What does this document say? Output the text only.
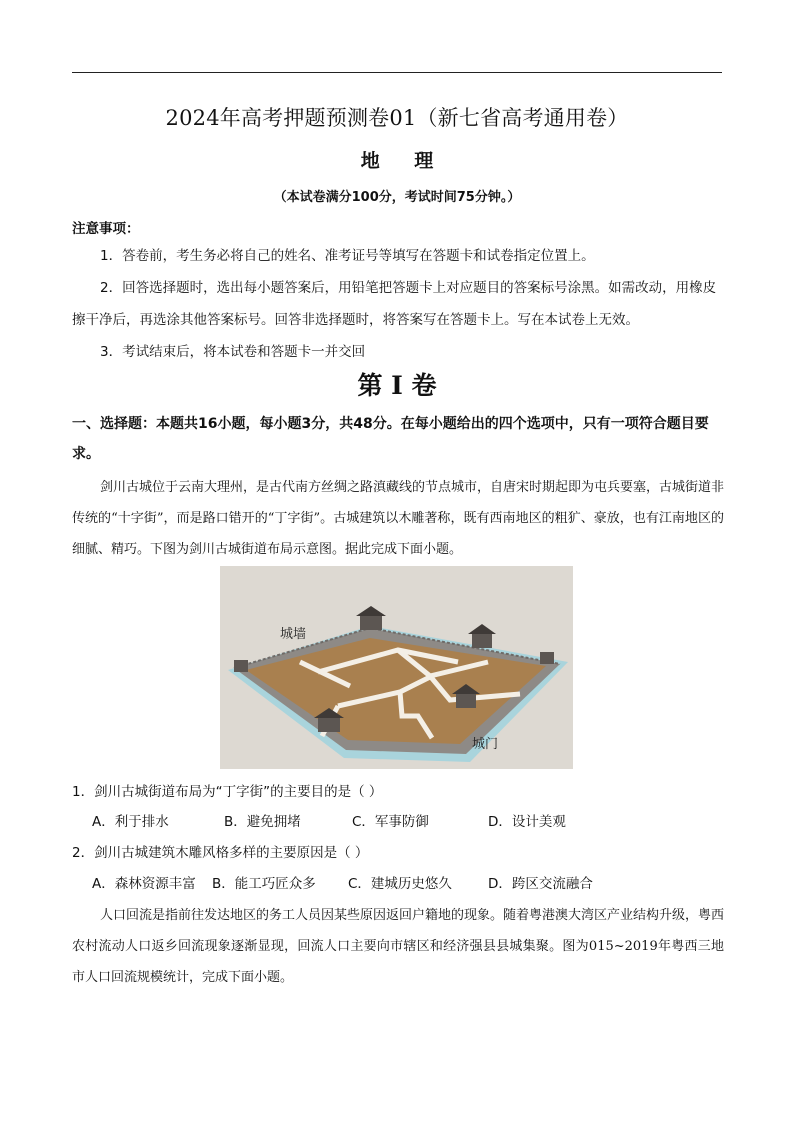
2024年高考押题预测卷01（新七省高考通用卷）
地 理
（本试卷满分100分，考试时间75分钟。）
注意事项：

1．答卷前，考生务必将自己的姓名、准考证号等填写在答题卡和试卷指定位置上。

2．回答选择题时，选出每小题答案后，用铅笔把答题卡上对应题目的答案标号涂黑。如需改动，用橡皮擦干净后，再选涂其他答案标号。回答非选择题时，将答案写在答题卡上。写在本试卷上无效。

3．考试结束后，将本试卷和答题卡一并交回

第 I 卷
一、选择题：本题共16小题，每小题3分，共48分。在每小题给出的四个选项中，只有一项符合题目要求。
剑川古城位于云南大理州，是古代南方丝绸之路滇藏线的节点城市，自唐宋时期起即为屯兵要塞，古城街道非传统的“十字街”，而是路口错开的“丁字街”。古城建筑以木雕著称，既有西南地区的粗犷、豪放，也有江南地区的细腻、精巧。下图为剑川古城街道布局示意图。据此完成下面小题。
城墙
城门
1．剑川古城街道布局为“丁字街”的主要目的是（ ）
A．利于排水	B．避免拥堵	C．军事防御	D．设计美观
2．剑川古城建筑木雕风格多样的主要原因是（ ）
A．森林资源丰富 B．能工巧匠众多 C．建城历史悠久	D．跨区交流融合
人口回流是指前往发达地区的务工人员因某些原因返回户籍地的现象。随着粤港澳大湾区产业结构升级，粤西农村流动人口返乡回流现象逐渐显现，回流人口主要向市辖区和经济强县县城集聚。图为015~2019年粤西三地市人口回流规模统计，完成下面小题。
